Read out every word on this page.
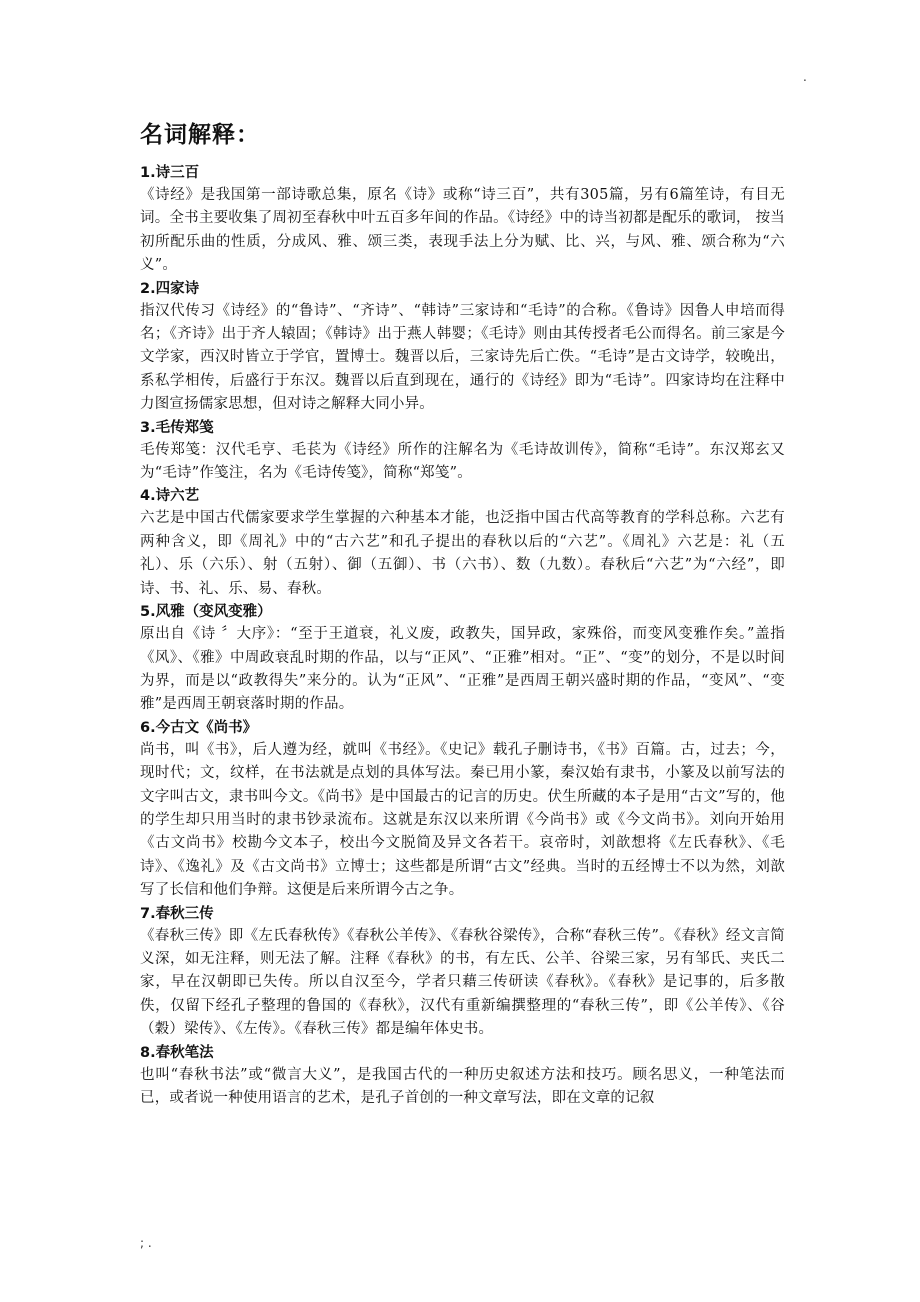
.
名词解释：
1.诗三百

《诗经》是我国第一部诗歌总集，原名《诗》或称“诗三百”，共有305篇，另有6篇笙诗，有目无词。全书主要收集了周初至春秋中叶五百多年间的作品。《诗经》中的诗当初都是配乐的歌词， 按当初所配乐曲的性质，分成风、雅、颂三类，表现手法上分为赋、比、兴，与风、雅、颂合称为“六义”。

2.四家诗

指汉代传习《诗经》的“鲁诗”、“齐诗”、“韩诗”三家诗和“毛诗”的合称。《鲁诗》因鲁人申培而得名；《齐诗》出于齐人辕固；《韩诗》出于燕人韩婴；《毛诗》则由其传授者毛公而得名。前三家是今文学家，西汉时皆立于学官，置博士。魏晋以后，三家诗先后亡佚。“毛诗”是古文诗学，较晚出，系私学相传，后盛行于东汉。魏晋以后直到现在，通行的《诗经》即为“毛诗”。四家诗均在注释中力图宣扬儒家思想，但对诗之解释大同小异。

3.毛传郑笺

毛传郑笺：汉代毛亨、毛苌为《诗经》所作的注解名为《毛诗故训传》，简称“毛诗”。东汉郑玄又为“毛诗”作笺注，名为《毛诗传笺》，简称“郑笺”。

4.诗六艺

六艺是中国古代儒家要求学生掌握的六种基本才能，也泛指中国古代高等教育的学科总称。六艺有两种含义，即《周礼》中的“古六艺”和孔子提出的春秋以后的“六艺”。《周礼》六艺是：礼（五礼）、乐（六乐）、射（五射）、御（五御）、书（六书）、数（九数）。春秋后“六艺”为“六经”，即诗、书、礼、乐、易、春秋。

5.风雅（变风变雅）

原出自《诗 〞大序》：“至于王道衰，礼义废，政教失，国异政，家殊俗，而变风变雅作矣。”盖指《风》、《雅》中周政衰乱时期的作品，以与“正风”、“正雅”相对。“正”、“变”的划分，不是以时间为界，而是以“政教得失”来分的。认为“正风”、“正雅”是西周王朝兴盛时期的作品，“变风”、“变雅”是西周王朝衰落时期的作品。

6.今古文《尚书》

尚书，叫《书》，后人遵为经，就叫《书经》。《史记》载孔子删诗书，《书》百篇。古，过去；今，现时代；文，纹样，在书法就是点划的具体写法。秦已用小篆，秦汉始有隶书，小篆及以前写法的文字叫古文，隶书叫今文。《尚书》是中国最古的记言的历史。伏生所藏的本子是用“古文”写的，他的学生却只用当时的隶书钞录流布。这就是东汉以来所谓《今尚书》或《今文尚书》。刘向开始用《古文尚书》校勘今文本子，校出今文脱简及异文各若干。哀帝时，刘歆想将《左氏春秋》、《毛诗》、《逸礼》及《古文尚书》立博士；这些都是所谓“古文”经典。当时的五经博士不以为然，刘歆写了长信和他们争辩。这便是后来所谓今古之争。

7.春秋三传

《春秋三传》即《左氏春秋传》《春秋公羊传》、《春秋谷梁传》，合称“春秋三传”。《春秋》经文言简义深，如无注释，则无法了解。注释《春秋》的书，有左氏、公羊、谷梁三家，另有邹氏、夹氏二家，早在汉朝即已失传。所以自汉至今，学者只藉三传研读《春秋》。《春秋》是记事的，后多散佚，仅留下经孔子整理的鲁国的《春秋》，汉代有重新编撰整理的“春秋三传”，即《公羊传》、《谷（穀）梁传》、《左传》。《春秋三传》都是编年体史书。

8.春秋笔法

也叫“春秋书法”或“微言大义”，是我国古代的一种历史叙述方法和技巧。顾名思义，一种笔法而已，或者说一种使用语言的艺术，是孔子首创的一种文章写法，即在文章的记叙

; .
